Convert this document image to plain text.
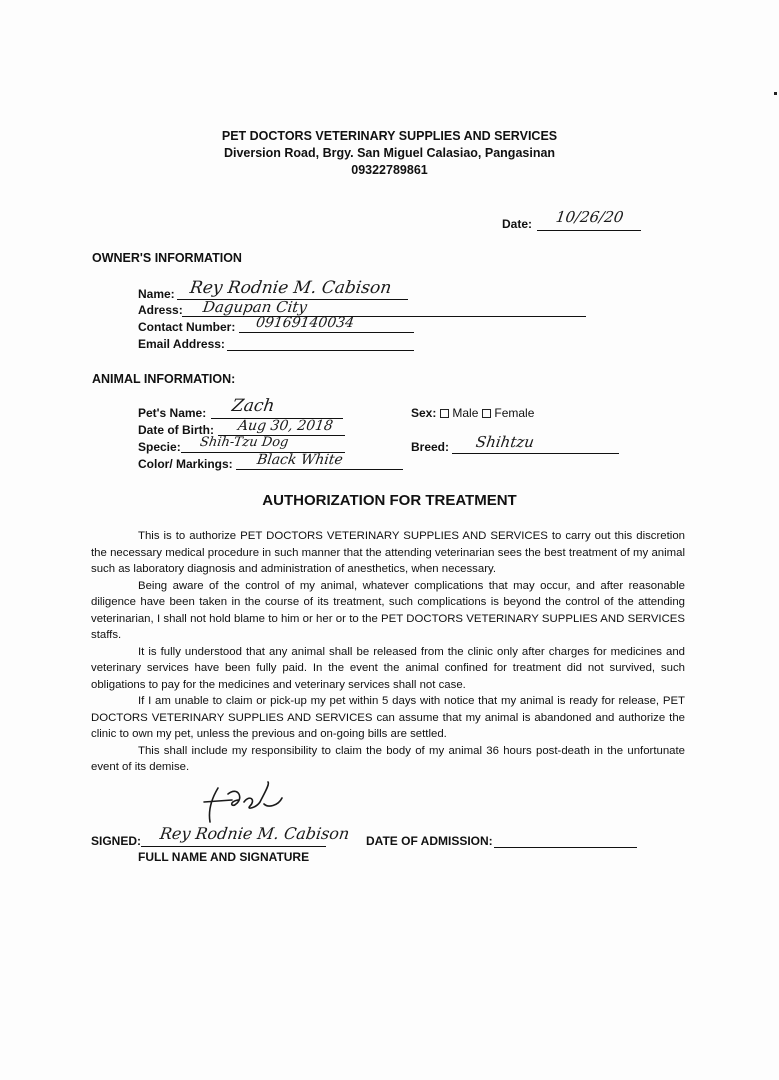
PET DOCTORS VETERINARY SUPPLIES AND SERVICES
Diversion Road, Brgy. San Miguel Calasiao, Pangasinan
09322789861
Date: 10/26/20
OWNER'S INFORMATION
Name: Rey Rodnie M. Cabison
Adress: Dagupan City
Contact Number: 09169140034
Email Address:
ANIMAL INFORMATION:
Pet's Name: Zach
Date of Birth: Aug 30, 2018
Specie: Shih-Tzu Dog
Color/ Markings: Black White
Sex: Male Female
Breed: Shihtzu
AUTHORIZATION FOR TREATMENT
This is to authorize PET DOCTORS VETERINARY SUPPLIES AND SERVICES to carry out this discretion the necessary medical procedure in such manner that the attending veterinarian sees the best treatment of my animal such as laboratory diagnosis and administration of anesthetics, when necessary.
Being aware of the control of my animal, whatever complications that may occur, and after reasonable diligence have been taken in the course of its treatment, such complications is beyond the control of the attending veterinarian, I shall not hold blame to him or her or to the PET DOCTORS VETERINARY SUPPLIES AND SERVICES staffs.
It is fully understood that any animal shall be released from the clinic only after charges for medicines and veterinary services have been fully paid. In the event the animal confined for treatment did not survived, such obligations to pay for the medicines and veterinary services shall not case.
If I am unable to claim or pick-up my pet within 5 days with notice that my animal is ready for release, PET DOCTORS VETERINARY SUPPLIES AND SERVICES can assume that my animal is abandoned and authorize the clinic to own my pet, unless the previous and on-going bills are settled.
This shall include my responsibility to claim the body of my animal 36 hours post-death in the unfortunate event of its demise.
SIGNED: Rey Rodnie M. Cabison
FULL NAME AND SIGNATURE
DATE OF ADMISSION:
